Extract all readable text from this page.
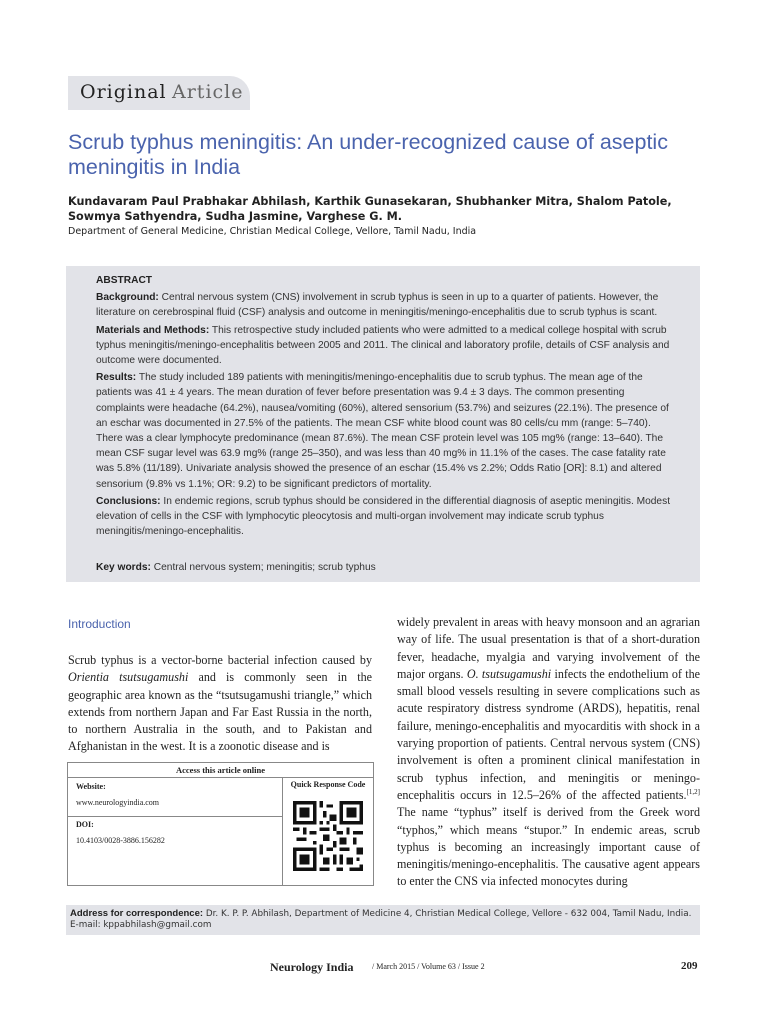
Original Article
Scrub typhus meningitis: An under-recognized cause of aseptic meningitis in India
Kundavaram Paul Prabhakar Abhilash, Karthik Gunasekaran, Shubhanker Mitra, Shalom Patole,
Sowmya Sathyendra, Sudha Jasmine, Varghese G. M.
Department of General Medicine, Christian Medical College, Vellore, Tamil Nadu, India

ABSTRACT

Background: Central nervous system (CNS) involvement in scrub typhus is seen in up to a quarter of patients. However, the literature on cerebrospinal fluid (CSF) analysis and outcome in meningitis/meningo-encephalitis due to scrub typhus is scant.

Materials and Methods: This retrospective study included patients who were admitted to a medical college hospital with scrub typhus meningitis/meningo-encephalitis between 2005 and 2011. The clinical and laboratory profile, details of CSF analysis and outcome were documented.

Results: The study included 189 patients with meningitis/meningo-encephalitis due to scrub typhus. The mean age of the patients was 41 ± 4 years. The mean duration of fever before presentation was 9.4 ± 3 days. The common presenting complaints were headache (64.2%), nausea/vomiting (60%), altered sensorium (53.7%) and seizures (22.1%). The presence of an eschar was documented in 27.5% of the patients. The mean CSF white blood count was 80 cells/cu mm (range: 5–740). There was a clear lymphocyte predominance (mean 87.6%). The mean CSF protein level was 105 mg% (range: 13–640). The mean CSF sugar level was 63.9 mg% (range 25–350), and was less than 40 mg% in 11.1% of the cases. The case fatality rate was 5.8% (11/189). Univariate analysis showed the presence of an eschar (15.4% vs 2.2%; Odds Ratio [OR]: 8.1) and altered sensorium (9.8% vs 1.1%; OR: 9.2) to be significant predictors of mortality.

Conclusions: In endemic regions, scrub typhus should be considered in the differential diagnosis of aseptic meningitis. Modest elevation of cells in the CSF with lymphocytic pleocytosis and multi-organ involvement may indicate scrub typhus meningitis/meningo-encephalitis.

Key words: Central nervous system; meningitis; scrub typhus

Introduction
Scrub typhus is a vector-borne bacterial infection caused by Orientia tsutsugamushi and is commonly seen in the geographic area known as the “tsutsugamushi triangle,” which extends from northern Japan and Far East Russia in the north, to northern Australia in the south, and to Pakistan and Afghanistan in the west. It is a zoonotic disease and is
Access this article online
Website:
www.neurologyindia.com
DOI:
10.4103/0028-3886.156282
Quick Response Code
widely prevalent in areas with heavy monsoon and an agrarian way of life. The usual presentation is that of a short-duration fever, headache, myalgia and varying involvement of the major organs. O. tsutsugamushi infects the endothelium of the small blood vessels resulting in severe complications such as acute respiratory distress syndrome (ARDS), hepatitis, renal failure, meningo-encephalitis and myocarditis with shock in a varying proportion of patients. Central nervous system (CNS) involvement is often a prominent clinical manifestation in scrub typhus infection, and meningitis or meningo-encephalitis occurs in 12.5–26% of the affected patients.[1,2] The name “typhus” itself is derived from the Greek word “typhos,” which means “stupor.” In endemic areas, scrub typhus is becoming an increasingly important cause of meningitis/meningo-encephalitis. The causative agent appears to enter the CNS via infected monocytes during
Address for correspondence: Dr. K. P. P. Abhilash, Department of Medicine 4, Christian Medical College, Vellore - 632 004, Tamil Nadu, India.
E-mail: kppabhilash@gmail.com
Neurology India / March 2015 / Volume 63 / Issue 2	209
